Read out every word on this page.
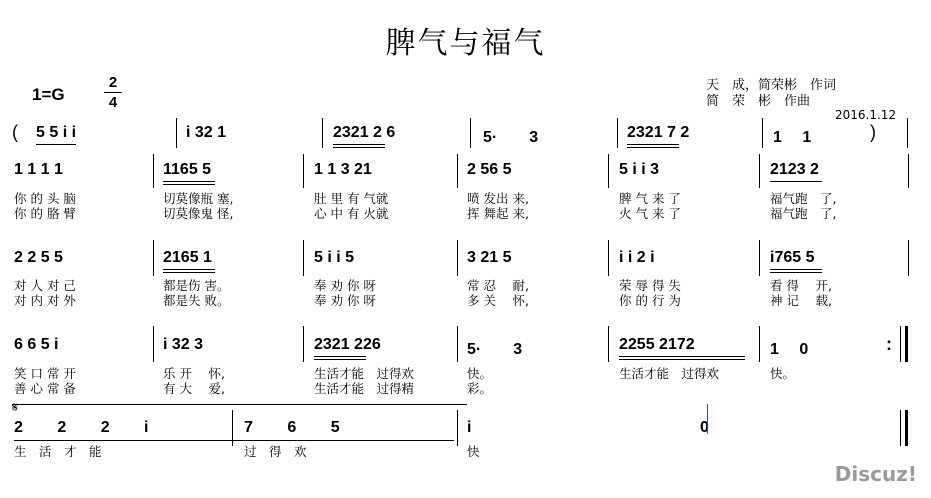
脾气与福气
1=G
2
4
天　成，简荣彬　作词
简　荣　彬　作曲
2016.1.12
( 5 5 i i	i 32 1	2321 2 6	5·　　3	2321 7 2	1　 1	)
1 1 1 1	1165 5	1 1 3 21	2 56 5	5 i i 3	2123 2
你 的 头 脑	切莫像瓶 塞,	肚 里 有 气就	喷 发出 来,	脾 气 来 了	福气跑　了,
你 的 胳 臂	切莫像鬼 怪,	心 中 有 火就	挥 舞起 来,	火 气 来 了	福气跑　了,
2 2 5 5	2165 1	5 i i 5	3 21 5	i i 2 i	i765 5
对 人 对 己	都是伤 害。	奉 劝 你 呀	常 忍　 耐,	荣 辱 得 失	看 得　 开,
对 内 对 外	都是失 败。	奉 劝 你 呀	多 关　 怀,	你 的 行 为	神 记　 载,
6 6 5 i	i 32 3	2321 226	5·　　3	2255 2172	1　 0	:
笑 口 常 开	乐 开　 怀,	生活才能　过得欢	快。	生活才能　过得欢	快。
善 心 常 备	有 大　 爱,	生活才能　过得精	彩。
𝄋
2 2 2 i	7 6 5	i	0
生　活　才　能	过　得　欢	快
Discuz!
